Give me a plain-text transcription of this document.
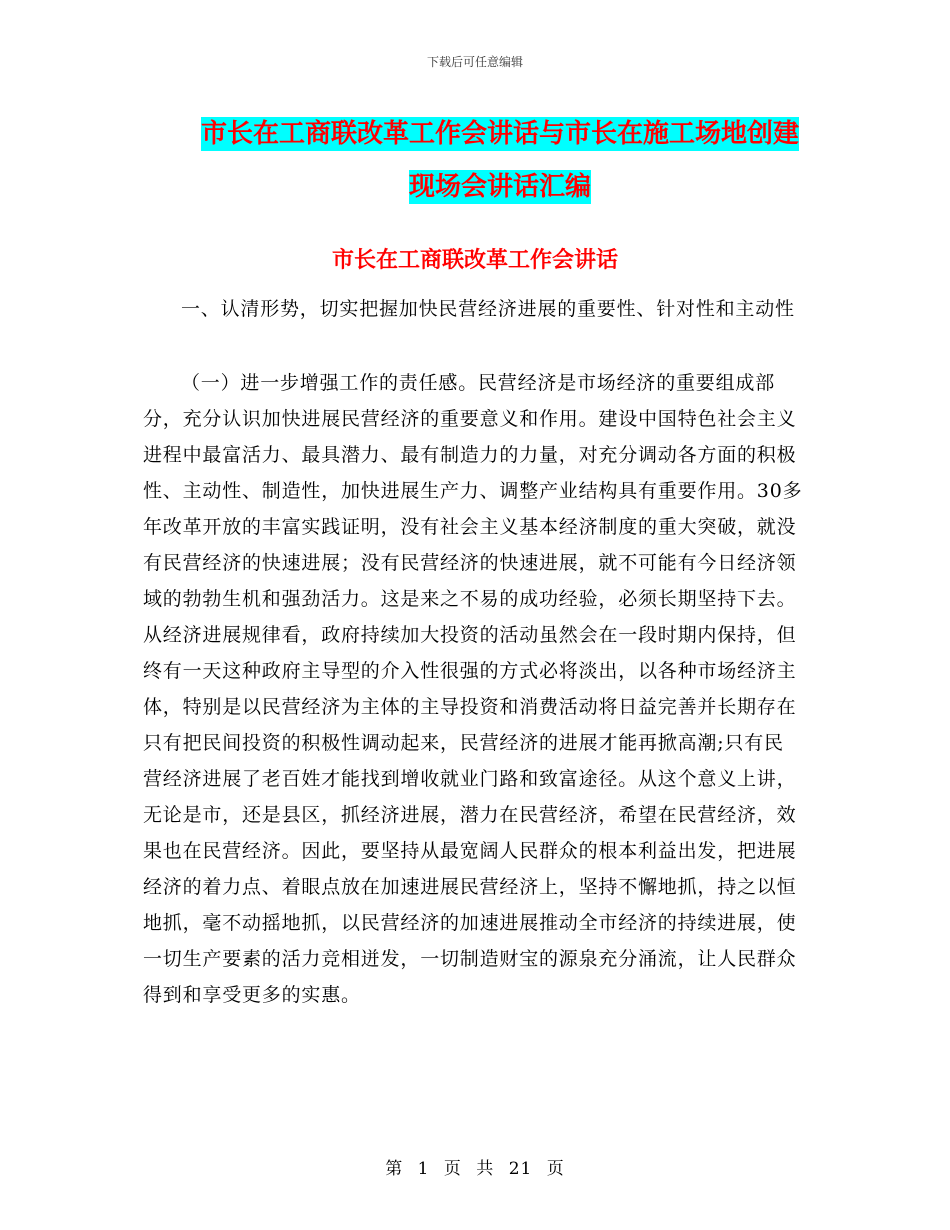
下载后可任意编辑
市长在工商联改革工作会讲话与市长在施工场地创建
现场会讲话汇编
市长在工商联改革工作会讲话

一、认清形势，切实把握加快民营经济进展的重要性、针对性和主动性

（一）进一步增强工作的责任感。民营经济是市场经济的重要组成部分，充分认识加快进展民营经济的重要意义和作用。建设中国特色社会主义进程中最富活力、最具潜力、最有制造力的力量，对充分调动各方面的积极性、主动性、制造性，加快进展生产力、调整产业结构具有重要作用。30多年改革开放的丰富实践证明，没有社会主义基本经济制度的重大突破，就没有民营经济的快速进展；没有民营经济的快速进展，就不可能有今日经济领域的勃勃生机和强劲活力。这是来之不易的成功经验，必须长期坚持下去。从经济进展规律看，政府持续加大投资的活动虽然会在一段时期内保持，但终有一天这种政府主导型的介入性很强的方式必将淡出，以各种市场经济主体，特别是以民营经济为主体的主导投资和消费活动将日益完善并长期存在只有把民间投资的积极性调动起来，民营经济的进展才能再掀高潮;只有民营经济进展了老百姓才能找到增收就业门路和致富途径。从这个意义上讲，无论是市，还是县区，抓经济进展，潜力在民营经济，希望在民营经济，效果也在民营经济。因此，要坚持从最宽阔人民群众的根本利益出发，把进展经济的着力点、着眼点放在加速进展民营经济上，坚持不懈地抓，持之以恒地抓，毫不动摇地抓，以民营经济的加速进展推动全市经济的持续进展，使一切生产要素的活力竞相迸发，一切制造财宝的源泉充分涌流，让人民群众得到和享受更多的实惠。

第 1 页 共 21 页
